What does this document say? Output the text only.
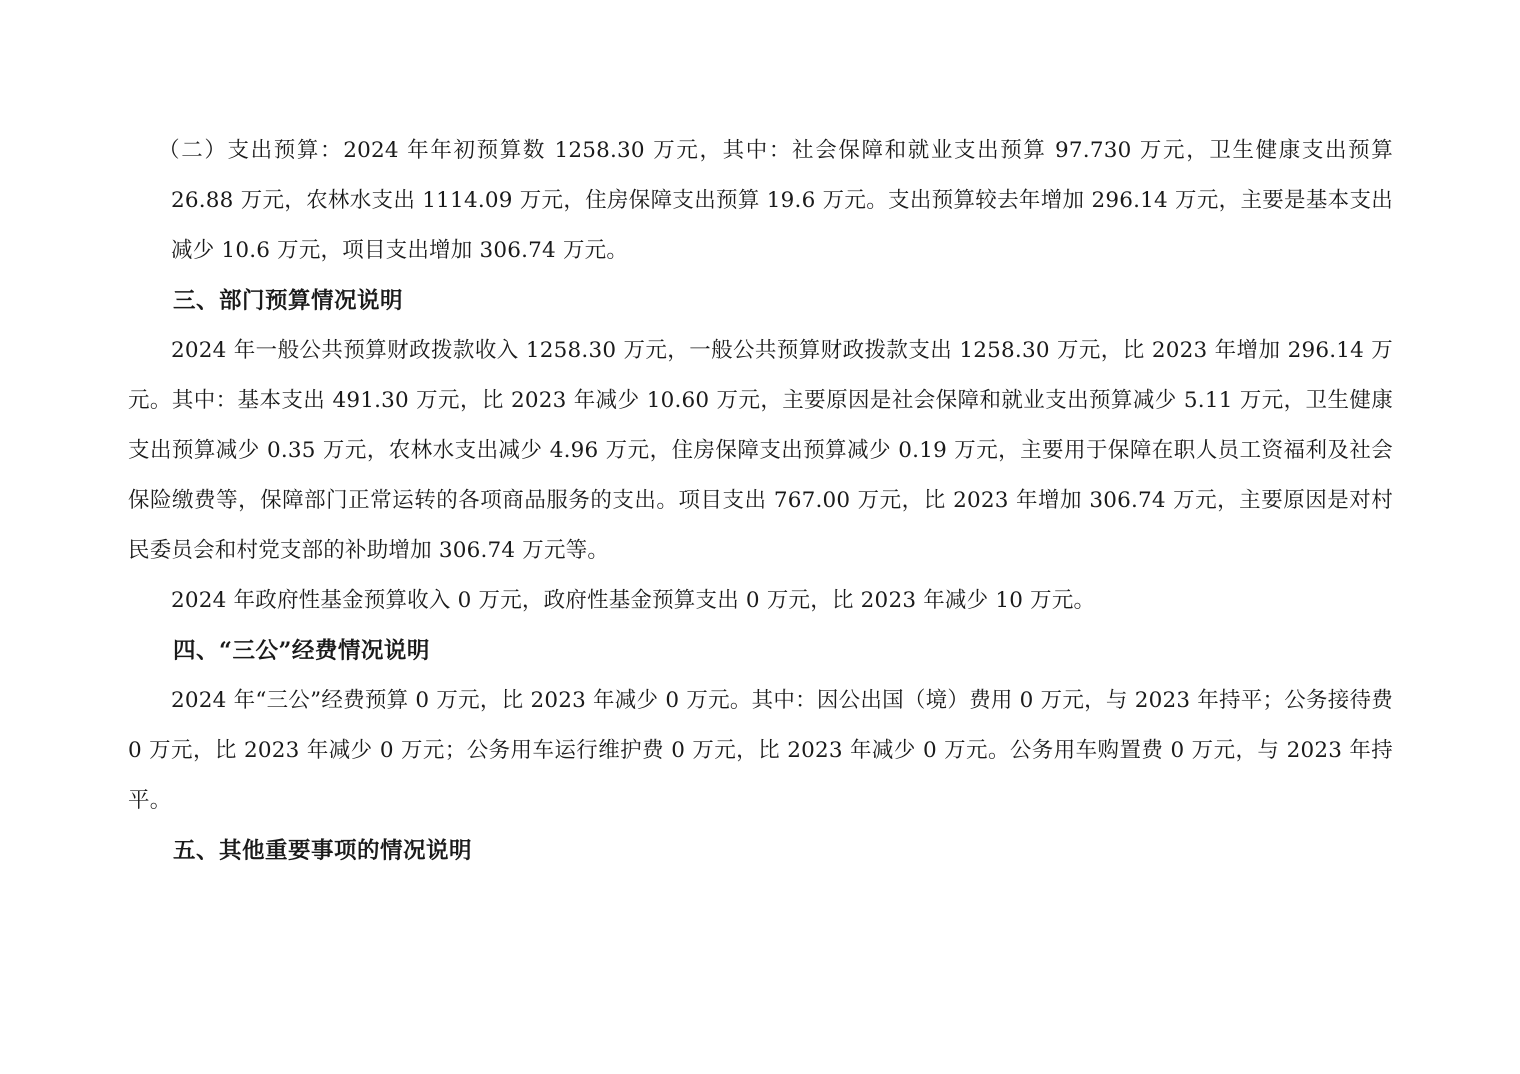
（二）支出预算：2024 年年初预算数 1258.30 万元，其中：社会保障和就业支出预算 97.730 万元，卫生健康支出预算 26.88 万元，农林水支出 1114.09 万元，住房保障支出预算 19.6 万元。支出预算较去年增加 296.14 万元，主要是基本支出减少 10.6 万元，项目支出增加 306.74 万元。

三、部门预算情况说明

2024 年一般公共预算财政拨款收入 1258.30 万元，一般公共预算财政拨款支出 1258.30 万元，比 2023 年增加 296.14 万元。其中：基本支出 491.30 万元，比 2023 年减少 10.60 万元，主要原因是社会保障和就业支出预算减少 5.11 万元，卫生健康支出预算减少 0.35 万元，农林水支出减少 4.96 万元，住房保障支出预算减少 0.19 万元，主要用于保障在职人员工资福利及社会保险缴费等，保障部门正常运转的各项商品服务的支出。项目支出 767.00 万元，比 2023 年增加 306.74 万元，主要原因是对村民委员会和村党支部的补助增加 306.74 万元等。

2024 年政府性基金预算收入 0 万元，政府性基金预算支出 0 万元，比 2023 年减少 10 万元。

四、“三公”经费情况说明

2024 年“三公”经费预算 0 万元，比 2023 年减少 0 万元。其中：因公出国（境）费用 0 万元，与 2023 年持平；公务接待费 0 万元，比 2023 年减少 0 万元；公务用车运行维护费 0 万元，比 2023 年减少 0 万元。公务用车购置费 0 万元，与 2023 年持平。

五、其他重要事项的情况说明
